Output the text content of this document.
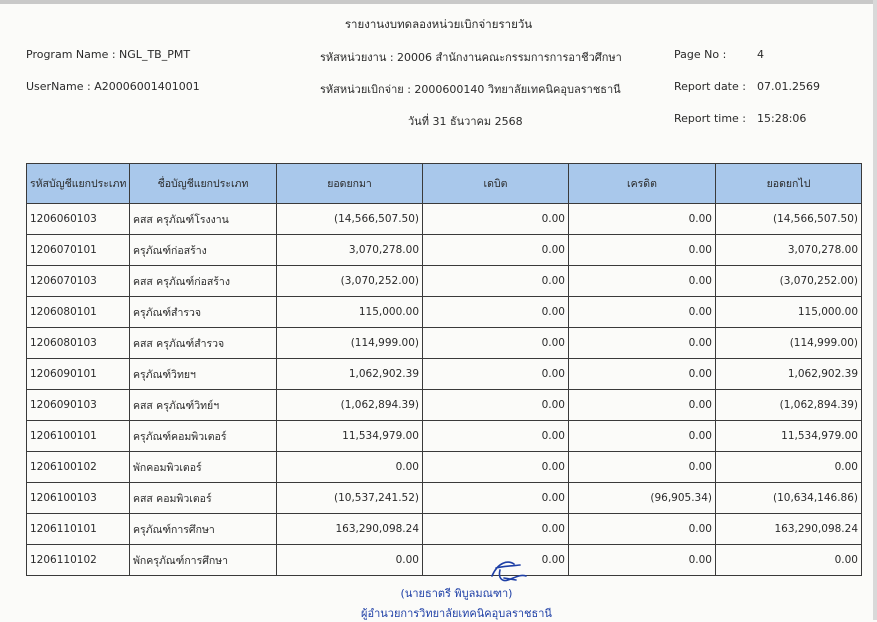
รายงานงบทดลองหน่วยเบิกจ่ายรายวัน
Program Name : NGL_TB_PMT
UserName : A20006001401001
รหัสหน่วยงาน : 20006 สำนักงานคณะกรรมการการอาชีวศึกษา
รหัสหน่วยเบิกจ่าย : 2000600140 วิทยาลัยเทคนิคอุบลราชธานี
วันที่ 31 ธันวาคม 2568
Page No :	4
Report date : 07.01.2569
Report time : 15:28:06
รหัสบัญชีแยกประเภท	ชื่อบัญชีแยกประเภท	ยอดยกมา	เดบิต	เครดิต	ยอดยกไป
1206060103	คสส ครุภัณฑ์โรงงาน	(14,566,507.50)	0.00	0.00	(14,566,507.50)
1206070101	ครุภัณฑ์ก่อสร้าง	3,070,278.00	0.00	0.00	3,070,278.00
1206070103	คสส ครุภัณฑ์ก่อสร้าง	(3,070,252.00)	0.00	0.00	(3,070,252.00)
1206080101	ครุภัณฑ์สำรวจ	115,000.00	0.00	0.00	115,000.00
1206080103	คสส ครุภัณฑ์สำรวจ	(114,999.00)	0.00	0.00	(114,999.00)
1206090101	ครุภัณฑ์วิทยฯ	1,062,902.39	0.00	0.00	1,062,902.39
1206090103	คสส ครุภัณฑ์วิทย์ฯ	(1,062,894.39)	0.00	0.00	(1,062,894.39)
1206100101	ครุภัณฑ์คอมพิวเตอร์	11,534,979.00	0.00	0.00	11,534,979.00
1206100102	พักคอมพิวเตอร์	0.00	0.00	0.00	0.00
1206100103	คสส คอมพิวเตอร์	(10,537,241.52)	0.00	(96,905.34)	(10,634,146.86)
1206110101	ครุภัณฑ์การศึกษา	163,290,098.24	0.00	0.00	163,290,098.24
1206110102	พักครุภัณฑ์การศึกษา	0.00	0.00	0.00	0.00
(นายธาตรี พิบูลมณฑา)
ผู้อำนวยการวิทยาลัยเทคนิคอุบลราชธานี
